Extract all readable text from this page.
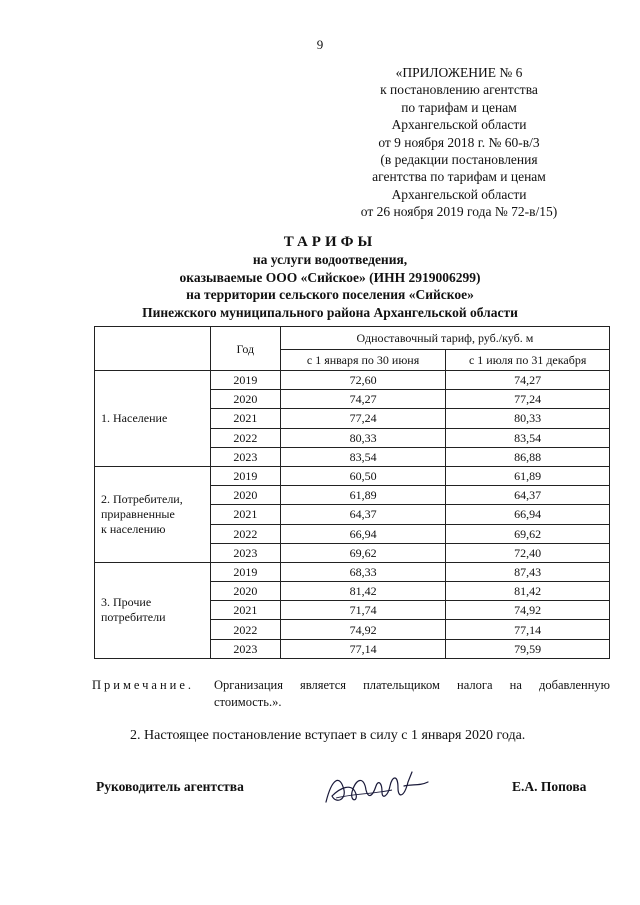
9
«ПРИЛОЖЕНИЕ № 6
к постановлению агентства
по тарифам и ценам
Архангельской области
от 9 ноября 2018 г. № 60-в/3
(в редакции постановления
агентства по тарифам и ценам
Архангельской области
от 26 ноября 2019 года № 72-в/15)
ТАРИФЫ
на услуги водоотведения,
оказываемые ООО «Сийское» (ИНН 2919006299)
на территории сельского поселения «Сийское»
Пинежского муниципального района Архангельской области
	Год	Одноставочный тариф, руб./куб. м	
		с 1 января по 30 июня	с 1 июля по 31 декабря

1. Население	2019	72,60	74,27
	2020	74,27	77,24
	2021	77,24	80,33
	2022	80,33	83,54
	2023	83,54	86,88

2. Потребители,
приравненные
к населению	2019	60,50	61,89
	2020	61,89	64,37
	2021	64,37	66,94
	2022	66,94	69,62
	2023	69,62	72,40

3. Прочие
потребители	2019	68,33	87,43
	2020	81,42	81,42
	2021	71,74	74,92
	2022	74,92	77,14
	2023	77,14	79,59
Примечание.	Организация является плательщиком налога на добавленную
стоимость.».
2. Настоящее постановление вступает в силу с 1 января 2020 года.
Руководитель агентства	Е.А. Попова
